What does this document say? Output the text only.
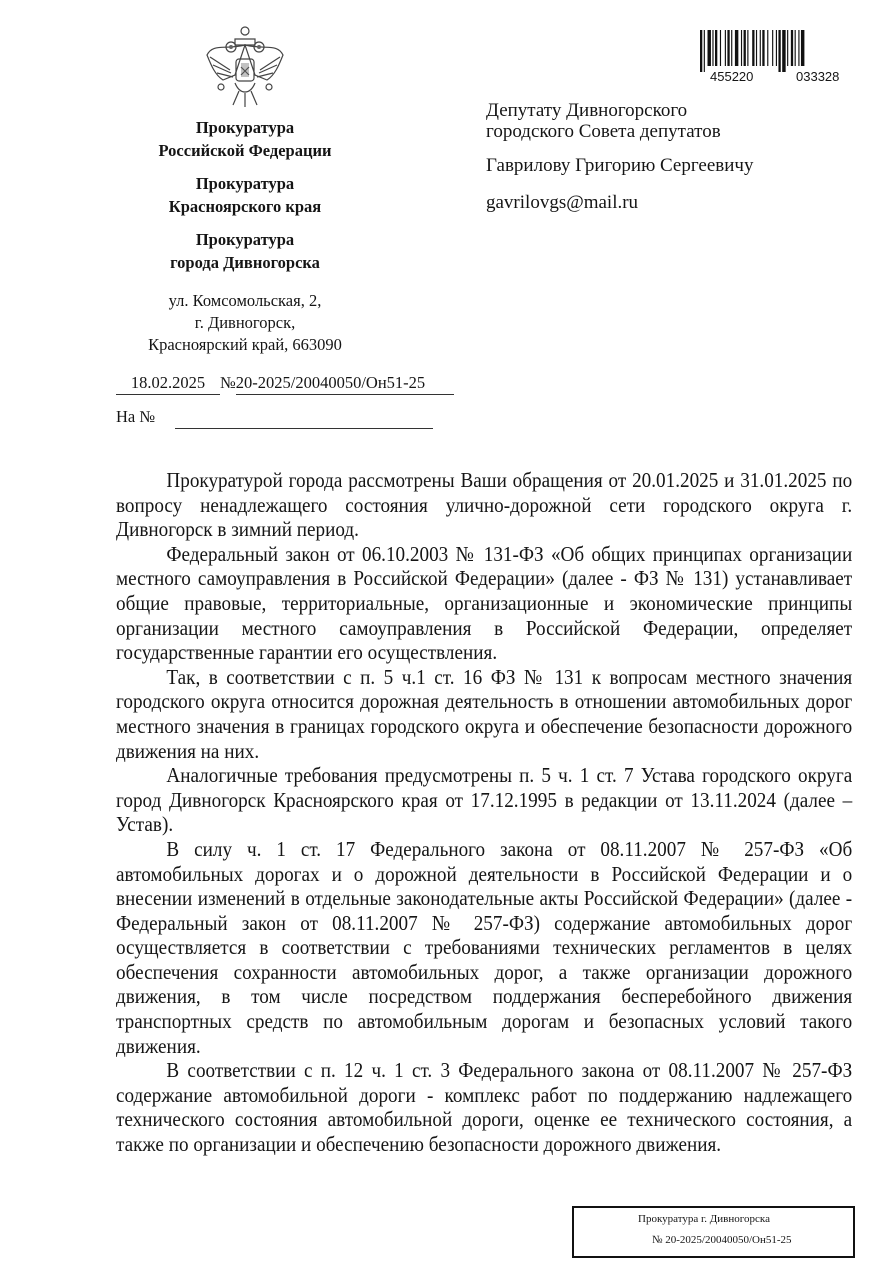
Прокуратура
Российской Федерации
Прокуратура
Красноярского края
Прокуратура
города Дивногорска
ул. Комсомольская, 2,
г. Дивногорск,
Красноярский край, 663090
18.02.2025 №20-2025/20040050/Он51-25
На №
455220	033328
Депутату Дивногорского
городского Совета депутатов
Гаврилову Григорию Сергеевичу
gavrilovgs@mail.ru

Прокуратурой города рассмотрены Ваши обращения от 20.01.2025 и 31.01.2025 по вопросу ненадлежащего состояния улично-дорожной сети городского округа г. Дивногорск в зимний период.

Федеральный закон от 06.10.2003 № 131-ФЗ «Об общих принципах организации местного самоуправления в Российской Федерации» (далее - ФЗ № 131) устанавливает общие правовые, территориальные, организационные и экономические принципы организации местного самоуправления в Российской Федерации, определяет государственные гарантии его осуществления.

Так, в соответствии с п. 5 ч.1 ст. 16 ФЗ № 131 к вопросам местного значения городского округа относится дорожная деятельность в отношении автомобильных дорог местного значения в границах городского округа и обеспечение безопасности дорожного движения на них.

Аналогичные требования предусмотрены п. 5 ч. 1 ст. 7 Устава городского округа город Дивногорск Красноярского края от 17.12.1995 в редакции от 13.11.2024 (далее – Устав).

В силу ч. 1 ст. 17 Федерального закона от 08.11.2007 № 257-ФЗ «Об автомобильных дорогах и о дорожной деятельности в Российской Федерации и о внесении изменений в отдельные законодательные акты Российской Федерации» (далее - Федеральный закон от 08.11.2007 № 257-ФЗ) содержание автомобильных дорог осуществляется в соответствии с требованиями технических регламентов в целях обеспечения сохранности автомобильных дорог, а также организации дорожного движения, в том числе посредством поддержания бесперебойного движения транспортных средств по автомобильным дорогам и безопасных условий такого движения.

В соответствии с п. 12 ч. 1 ст. 3 Федерального закона от 08.11.2007 № 257-ФЗ содержание автомобильной дороги - комплекс работ по поддержанию надлежащего технического состояния автомобильной дороги, оценке ее технического состояния, а также по организации и обеспечению безопасности дорожного движения.

Прокуратура г. Дивногорска
№ 20-2025/20040050/Он51-25
